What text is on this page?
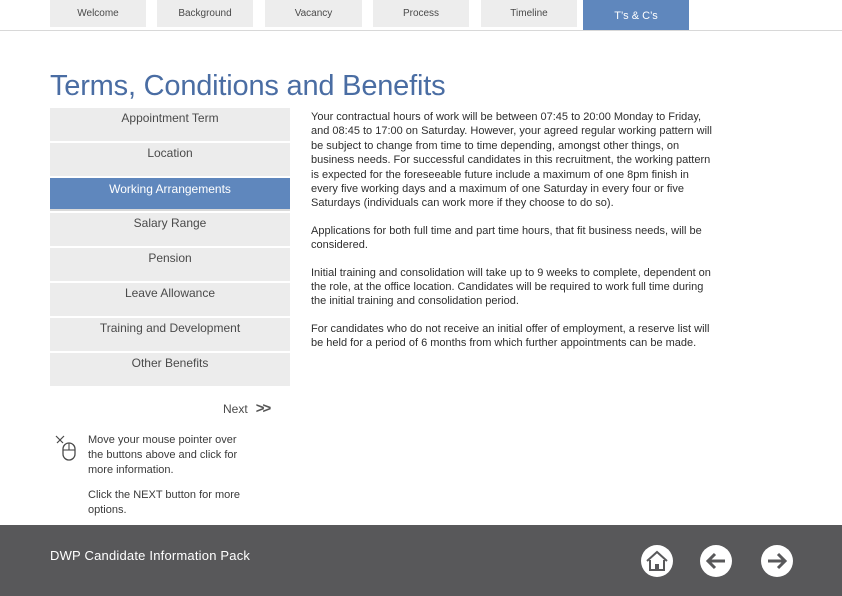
Welcome	Background	Vacancy	Process	Timeline	T’s & C’s
Terms, Conditions and Benefits
Appointment Term
Location
Working Arrangements
Salary Range
Pension
Leave Allowance
Training and Development
Other Benefits

Your contractual hours of work will be between 07:45 to 20:00 Monday to Friday, and 08:45 to 17:00 on Saturday. However, your agreed regular working pattern will be subject to change from time to time depending, amongst other things, on business needs. For successful candidates in this recruitment, the working pattern is expected for the foreseeable future include a maximum of one 8pm finish in every five working days and a maximum of one Saturday in every four or five Saturdays (individuals can work more if they choose to do so).

Applications for both full time and part time hours, that fit business needs, will be considered.

Initial training and consolidation will take up to 9 weeks to complete, dependent on the role, at the office location. Candidates will be required to work full time during the initial training and consolidation period.

For candidates who do not receive an initial offer of employment, a reserve list will be held for a period of 6 months from which further appointments can be made.

Next >>

Move your mouse pointer over the buttons above and click for more information.

Click the NEXT button for more options.

DWP Candidate Information Pack
